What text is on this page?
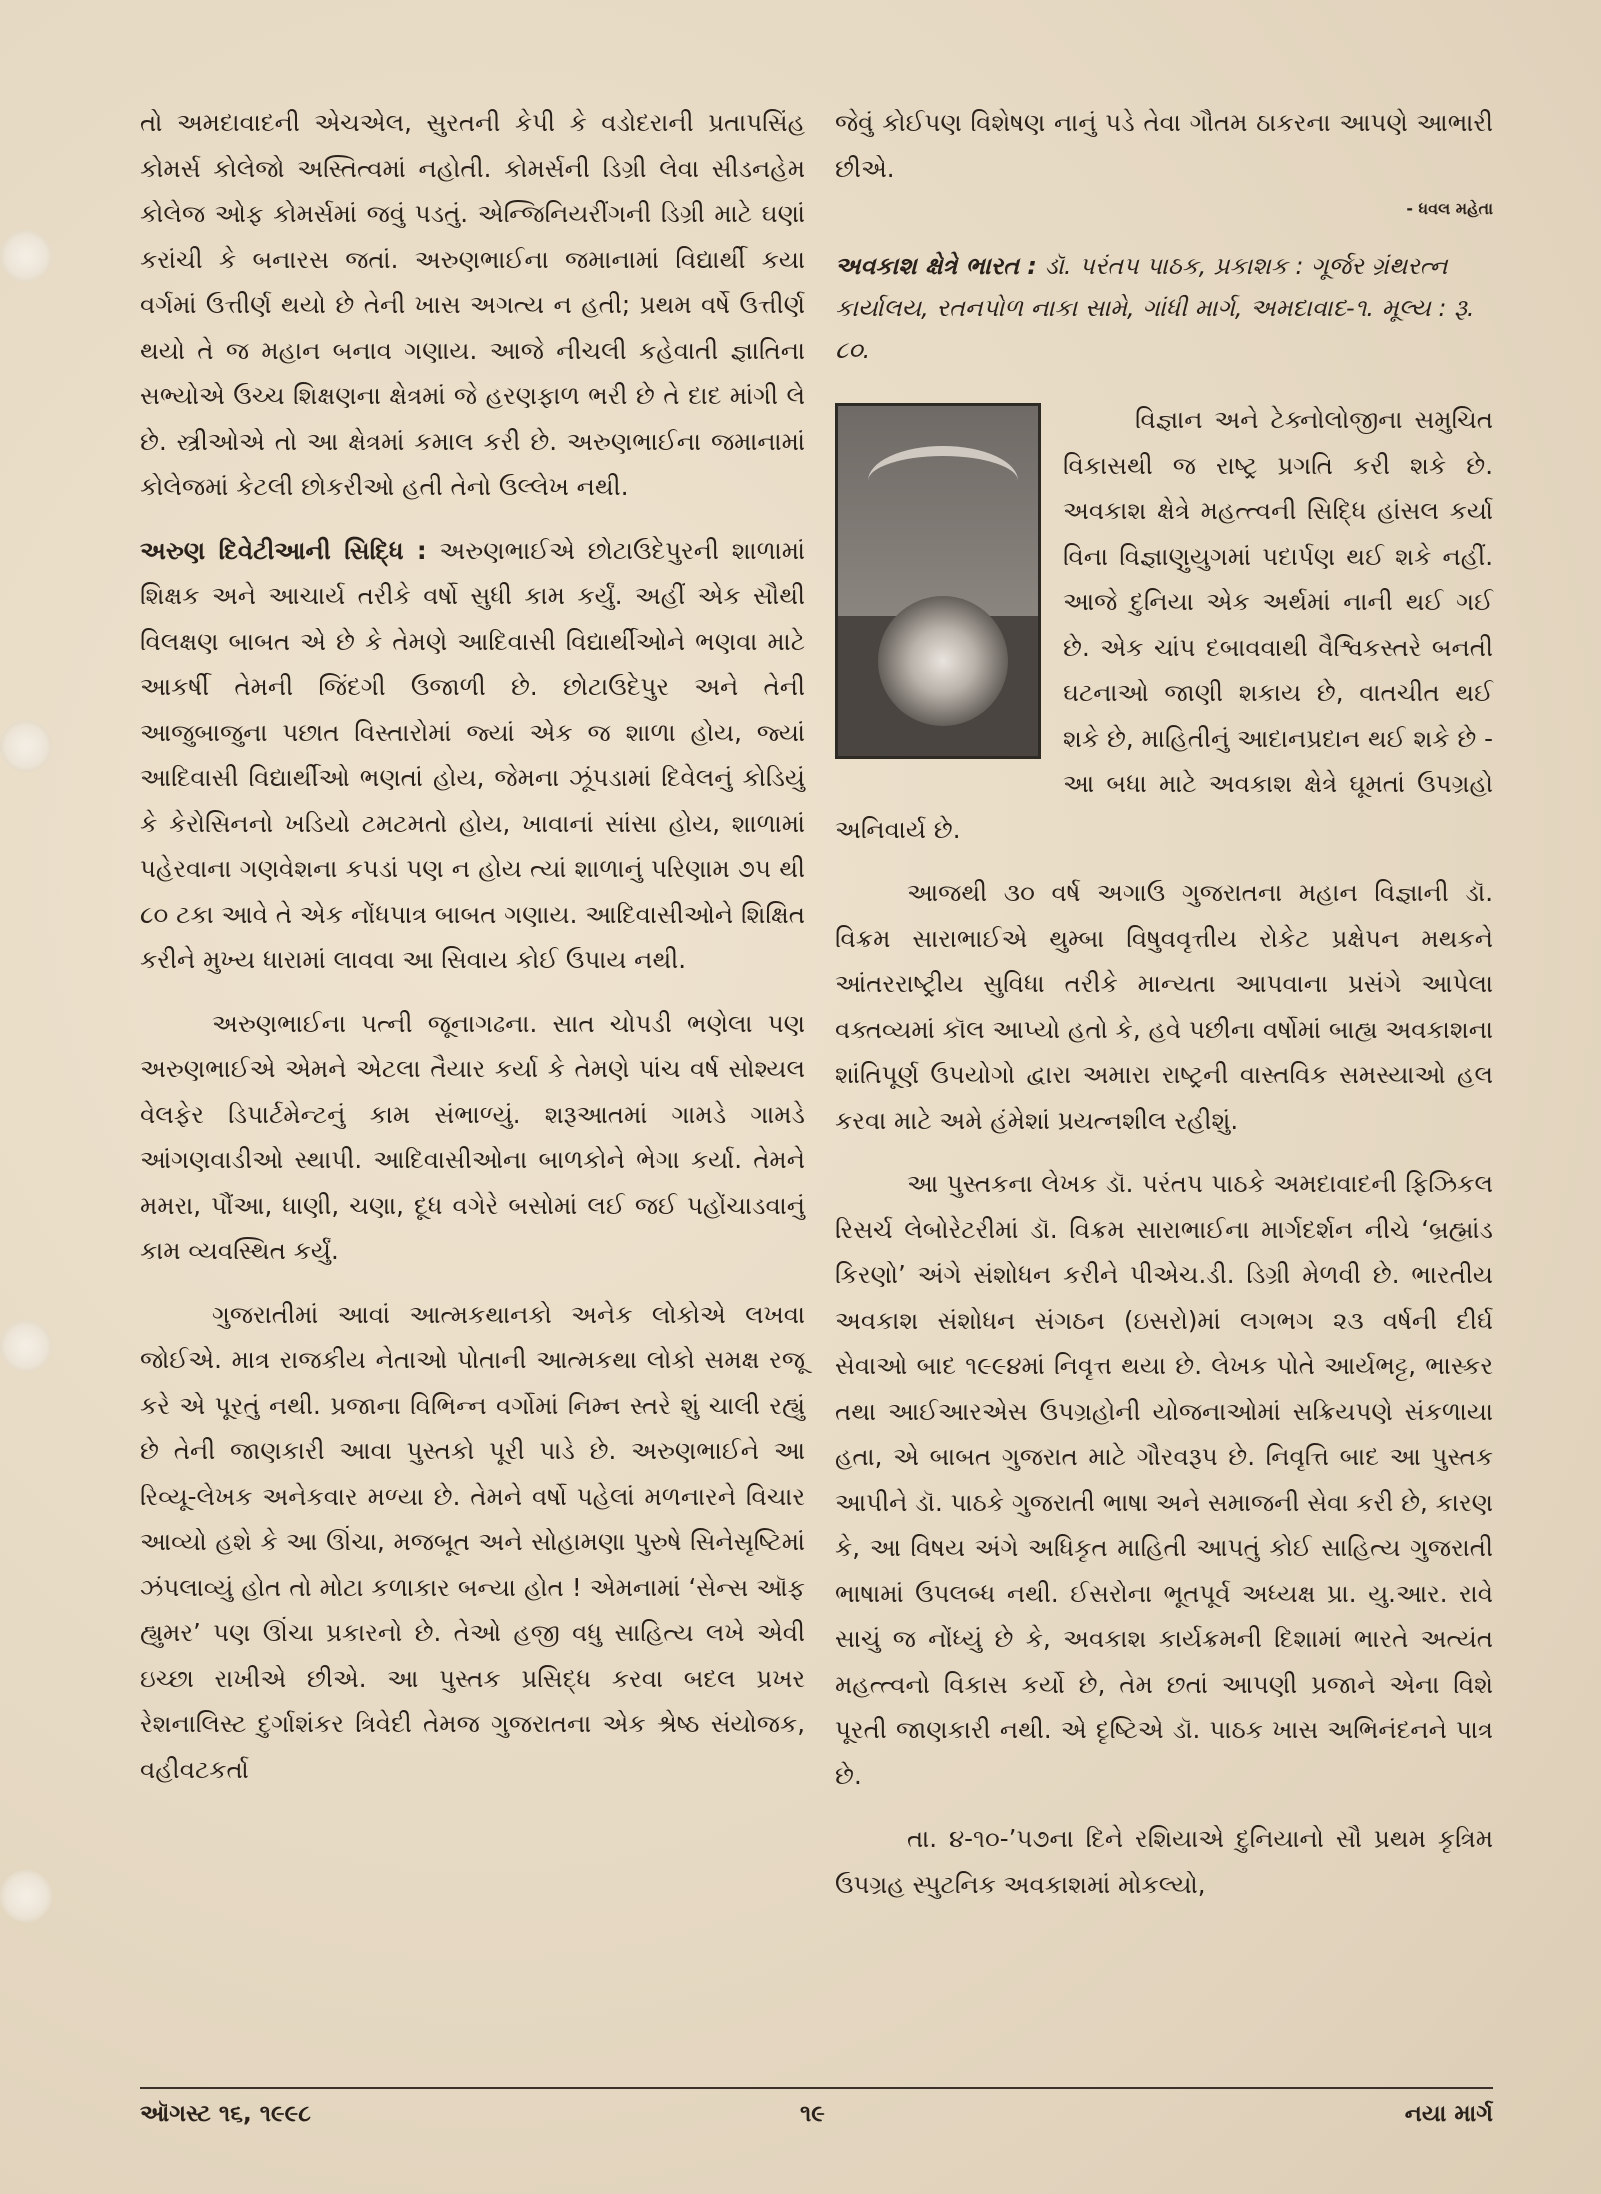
તો અમદાવાદની એચએલ, સુરતની કેપી કે વડોદરાની પ્રતાપસિંહ કોમર્સ કોલેજો અસ્તિત્વમાં નહોતી. કોમર્સની ડિગ્રી લેવા સીડનહેમ કોલેજ ઓફ કોમર્સમાં જવું પડતું. એન્જિનિયરીંગની ડિગ્રી માટે ઘણાં કરાંચી કે બનારસ જતાં. અરુણભાઈના જમાનામાં વિદ્યાર્થી કયા વર્ગમાં ઉત્તીર્ણ થયો છે તેની ખાસ અગત્ય ન હતી; પ્રથમ વર્ષે ઉત્તીર્ણ થયો તે જ મહાન બનાવ ગણાય. આજે નીચલી કહેવાતી જ્ઞાતિના સભ્યોએ ઉચ્ચ શિક્ષણના ક્ષેત્રમાં જે હરણફાળ ભરી છે તે દાદ માંગી લે છે. સ્ત્રીઓએ તો આ ક્ષેત્રમાં કમાલ કરી છે. અરુણભાઈના જમાનામાં કોલેજમાં કેટલી છોકરીઓ હતી તેનો ઉલ્લેખ નથી.

અરુણ દિવેટીઆની સિદ્ધિ : અરુણભાઈએ છોટાઉદેપુરની શાળામાં શિક્ષક અને આચાર્ય તરીકે વર્ષો સુધી કામ કર્યું. અહીં એક સૌથી વિલક્ષણ બાબત એ છે કે તેમણે આદિવાસી વિદ્યાર્થીઓને ભણવા માટે આકર્ષી તેમની જિંદગી ઉજાળી છે. છોટાઉદેપુર અને તેની આજુબાજુના પછાત વિસ્તારોમાં જ્યાં એક જ શાળા હોય, જ્યાં આદિવાસી વિદ્યાર્થીઓ ભણતાં હોય, જેમના ઝૂંપડામાં દિવેલનું કોડિયું કે કેરોસિનનો ખડિયો ટમટમતો હોય, ખાવાનાં સાંસા હોય, શાળામાં પહેરવાના ગણવેશના કપડાં પણ ન હોય ત્યાં શાળાનું પરિણામ ૭૫ થી ૮૦ ટકા આવે તે એક નોંધપાત્ર બાબત ગણાય. આદિવાસીઓને શિક્ષિત કરીને મુખ્ય ધારામાં લાવવા આ સિવાય કોઈ ઉપાય નથી.

અરુણભાઈના પત્ની જૂનાગઢના. સાત ચોપડી ભણેલા પણ અરુણભાઈએ એમને એટલા તૈયાર કર્યા કે તેમણે પાંચ વર્ષ સોશ્યલ વેલફેર ડિપાર્ટમેન્ટનું કામ સંભાળ્યું. શરૂઆતમાં ગામડે ગામડે આંગણવાડીઓ સ્થાપી. આદિવાસીઓના બાળકોને ભેગા કર્યા. તેમને મમરા, પૌંઆ, ધાણી, ચણા, દૂધ વગેરે બસોમાં લઈ જઈ પહોંચાડવાનું કામ વ્યવસ્થિત કર્યું.

ગુજરાતીમાં આવાં આત્મકથાનકો અનેક લોકોએ લખવા જોઈએ. માત્ર રાજકીય નેતાઓ પોતાની આત્મકથા લોકો સમક્ષ રજૂ કરે એ પૂરતું નથી. પ્રજાના વિભિન્ન વર્ગોમાં નિમ્ન સ્તરે શું ચાલી રહ્યું છે તેની જાણકારી આવા પુસ્તકો પૂરી પાડે છે. અરુણભાઈને આ રિવ્યૂ-લેખક અનેકવાર મળ્યા છે. તેમને વર્ષો પહેલાં મળનારને વિચાર આવ્યો હશે કે આ ઊંચા, મજબૂત અને સોહામણા પુરુષે સિનેસૃષ્ટિમાં ઝંપલાવ્યું હોત તો મોટા કળાકાર બન્યા હોત ! એમનામાં ‘સેન્સ ઑફ હ્યુમર’ પણ ઊંચા પ્રકારનો છે. તેઓ હજી વધુ સાહિત્ય લખે એવી ઇચ્છા રાખીએ છીએ. આ પુસ્તક પ્રસિદ્ધ કરવા બદલ પ્રખર રેશનાલિસ્ટ દુર્ગાશંકર ત્રિવેદી તેમજ ગુજરાતના એક શ્રેષ્ઠ સંયોજક, વહીવટકર્તા

જેવું કોઈપણ વિશેષણ નાનું પડે તેવા ગૌતમ ઠાકરના આપણે આભારી છીએ.

- ધવલ મહેતા
અવકાશ ક્ષેત્રે ભારત : ડૉ. પરંતપ પાઠક, પ્રકાશક : ગૂર્જર ગ્રંથરત્ન કાર્યાલય, રતનપોળ નાકા સામે, ગાંધી માર્ગ, અમદાવાદ-૧. મૂલ્ય : રૂ. ૮૦.

વિજ્ઞાન અને ટેક્નોલોજીના સમુચિત વિકાસથી જ રાષ્ટ્ર પ્રગતિ કરી શકે છે. અવકાશ ક્ષેત્રે મહત્ત્વની સિદ્ધિ હાંસલ કર્યા વિના વિજ્ઞાણુયુગમાં પદાર્પણ થઈ શકે નહીં. આજે દુનિયા એક અર્થમાં નાની થઈ ગઈ છે. એક ચાંપ દબાવવાથી વૈશ્વિકસ્તરે બનતી ઘટનાઓ જાણી શકાય છે, વાતચીત થઈ શકે છે, માહિતીનું આદાનપ્રદાન થઈ શકે છે - આ બધા માટે અવકાશ ક્ષેત્રે ઘૂમતાં ઉપગ્રહો અનિવાર્ય છે.

આજથી ૩૦ વર્ષ અગાઉ ગુજરાતના મહાન વિજ્ઞાની ડૉ. વિક્રમ સારાભાઈએ થુમ્બા વિષુવવૃત્તીય રોકેટ પ્રક્ષેપન મથકને આંતરરાષ્ટ્રીય સુવિધા તરીકે માન્યતા આપવાના પ્રસંગે આપેલા વક્તવ્યમાં કૉલ આપ્યો હતો કે, હવે પછીના વર્ષોમાં બાહ્ય અવકાશના શાંતિપૂર્ણ ઉપયોગો દ્વારા અમારા રાષ્ટ્રની વાસ્તવિક સમસ્યાઓ હલ કરવા માટે અમે હંમેશાં પ્રયત્નશીલ રહીશું.

આ પુસ્તકના લેખક ડૉ. પરંતપ પાઠકે અમદાવાદની ફિઝિકલ રિસર્ચ લેબોરેટરીમાં ડૉ. વિક્રમ સારાભાઈના માર્ગદર્શન નીચે ‘બ્રહ્માંડ કિરણો’ અંગે સંશોધન કરીને પીએચ.ડી. ડિગ્રી મેળવી છે. ભારતીય અવકાશ સંશોધન સંગઠન (ઇસરો)માં લગભગ ૨૩ વર્ષની દીર્ઘ સેવાઓ બાદ ૧૯૯૪માં નિવૃત્ત થયા છે. લેખક પોતે આર્યભટ્ટ, ભાસ્કર તથા આઈઆરએસ ઉપગ્રહોની યોજનાઓમાં સક્રિયપણે સંકળાયા હતા, એ બાબત ગુજરાત માટે ગૌરવરૂપ છે. નિવૃત્તિ બાદ આ પુસ્તક આપીને ડૉ. પાઠકે ગુજરાતી ભાષા અને સમાજની સેવા કરી છે, કારણ કે, આ વિષય અંગે અધિકૃત માહિતી આપતું કોઈ સાહિત્ય ગુજરાતી ભાષામાં ઉપલબ્ધ નથી. ઈસરોના ભૂતપૂર્વ અધ્યક્ષ પ્રા. યુ.આર. રાવે સાચું જ નોંધ્યું છે કે, અવકાશ કાર્યક્રમની દિશામાં ભારતે અત્યંત મહત્ત્વનો વિકાસ કર્યો છે, તેમ છતાં આપણી પ્રજાને એના વિશે પૂરતી જાણકારી નથી. એ દૃષ્ટિએ ડૉ. પાઠક ખાસ અભિનંદનને પાત્ર છે.

તા. ૪-૧૦-’૫૭ના દિને રશિયાએ દુનિયાનો સૌ પ્રથમ કૃત્રિમ ઉપગ્રહ સ્પુટનિક અવકાશમાં મોકલ્યો,

ઑગસ્ટ ૧૬, ૧૯૯૮	૧૯	નયા માર્ગ
